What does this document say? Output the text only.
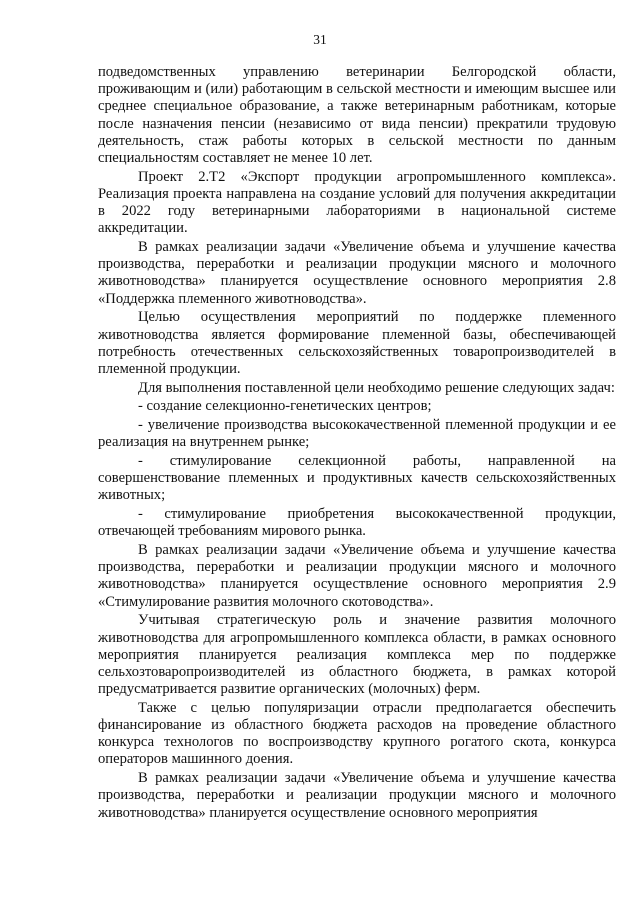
31

подведомственных управлению ветеринарии Белгородской области, проживающим и (или) работающим в сельской местности и имеющим высшее или среднее специальное образование, а также ветеринарным работникам, которые после назначения пенсии (независимо от вида пенсии) прекратили трудовую деятельность, стаж работы которых в сельской местности по данным специальностям составляет не менее 10 лет.

Проект 2.Т2 «Экспорт продукции агропромышленного комплекса». Реализация проекта направлена на создание условий для получения аккредитации в 2022 году ветеринарными лабораториями в национальной системе аккредитации.

В рамках реализации задачи «Увеличение объема и улучшение качества производства, переработки и реализации продукции мясного и молочного животноводства» планируется осуществление основного мероприятия 2.8 «Поддержка племенного животноводства».

Целью осуществления мероприятий по поддержке племенного животноводства является формирование племенной базы, обеспечивающей потребность отечественных сельскохозяйственных товаропроизводителей в племенной продукции.

Для выполнения поставленной цели необходимо решение следующих задач:

- создание селекционно-генетических центров;

- увеличение производства высококачественной племенной продукции и ее реализация на внутреннем рынке;

- стимулирование селекционной работы, направленной на совершенствование племенных и продуктивных качеств сельскохозяйственных животных;

- стимулирование приобретения высококачественной продукции, отвечающей требованиям мирового рынка.

В рамках реализации задачи «Увеличение объема и улучшение качества производства, переработки и реализации продукции мясного и молочного животноводства» планируется осуществление основного мероприятия 2.9 «Стимулирование развития молочного скотоводства».

Учитывая стратегическую роль и значение развития молочного животноводства для агропромышленного комплекса области, в рамках основного мероприятия планируется реализация комплекса мер по поддержке сельхозтоваропроизводителей из областного бюджета, в рамках которой предусматривается развитие органических (молочных) ферм.

Также с целью популяризации отрасли предполагается обеспечить финансирование из областного бюджета расходов на проведение областного конкурса технологов по воспроизводству крупного рогатого скота, конкурса операторов машинного доения.

В рамках реализации задачи «Увеличение объема и улучшение качества производства, переработки и реализации продукции мясного и молочного животноводства» планируется осуществление основного мероприятия
